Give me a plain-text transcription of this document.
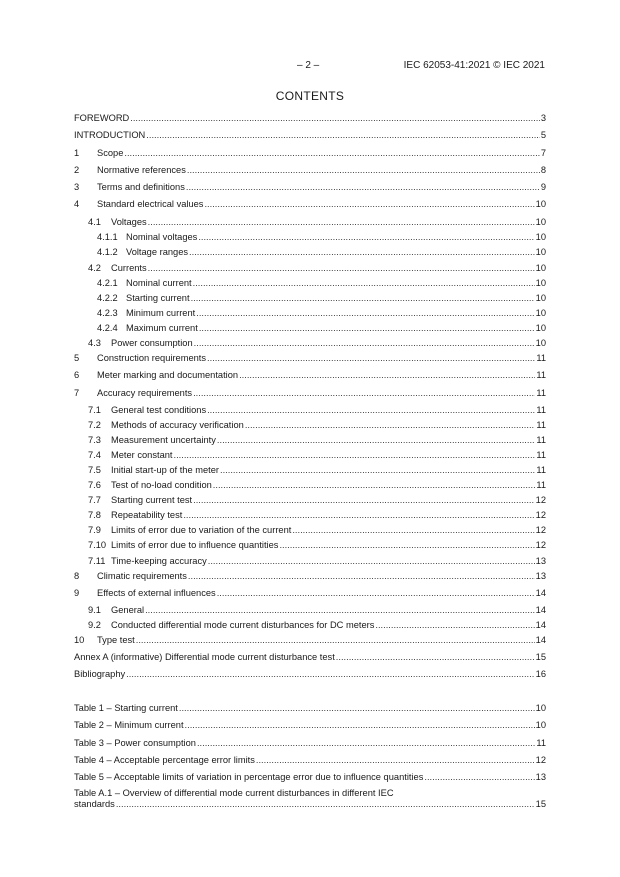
– 2 –	IEC 62053-41:2021 © IEC 2021
CONTENTS
FOREWORD .....	3
INTRODUCTION .....	5
1	Scope .....	7
2	Normative references .....	8
3	Terms and definitions .....	9
4	Standard electrical values .....	10
4.1	Voltages .....	10
4.1.1 Nominal voltages .....	10
4.1.2 Voltage ranges .....	10
4.2	Currents .....	10
4.2.1 Nominal current .....	10
4.2.2 Starting current .....	10
4.2.3 Minimum current .....	10
4.2.4 Maximum current .....	10
4.3	Power consumption .....	10
5	Construction requirements .....	11
6	Meter marking and documentation .....	11
7	Accuracy requirements .....	11
7.1	General test conditions .....	11
7.2	Methods of accuracy verification .....	11
7.3	Measurement uncertainty .....	11
7.4	Meter constant .....	11
7.5	Initial start-up of the meter .....	11
7.6	Test of no-load condition .....	11
7.7	Starting current test .....	12
7.8	Repeatability test .....	12
7.9	Limits of error due to variation of the current .....	12
7.10 Limits of error due to influence quantities .....	12
7.11 Time-keeping accuracy .....	13
8	Climatic requirements .....	13
9	Effects of external influences .....	14
9.1	General .....	14
9.2	Conducted differential mode current disturbances for DC meters .....	14
10	Type test .....	14
Annex A (informative) Differential mode current disturbance test .....	15
Bibliography .....	16
Table 1 – Starting current .....	10
Table 2 – Minimum current .....	10
Table 3 – Power consumption .....	11
Table 4 – Acceptable percentage error limits .....	12
Table 5 – Acceptable limits of variation in percentage error due to influence quantities .....	13
Table A.1 – Overview of differential mode current disturbances in different IEC
standards .....	15
